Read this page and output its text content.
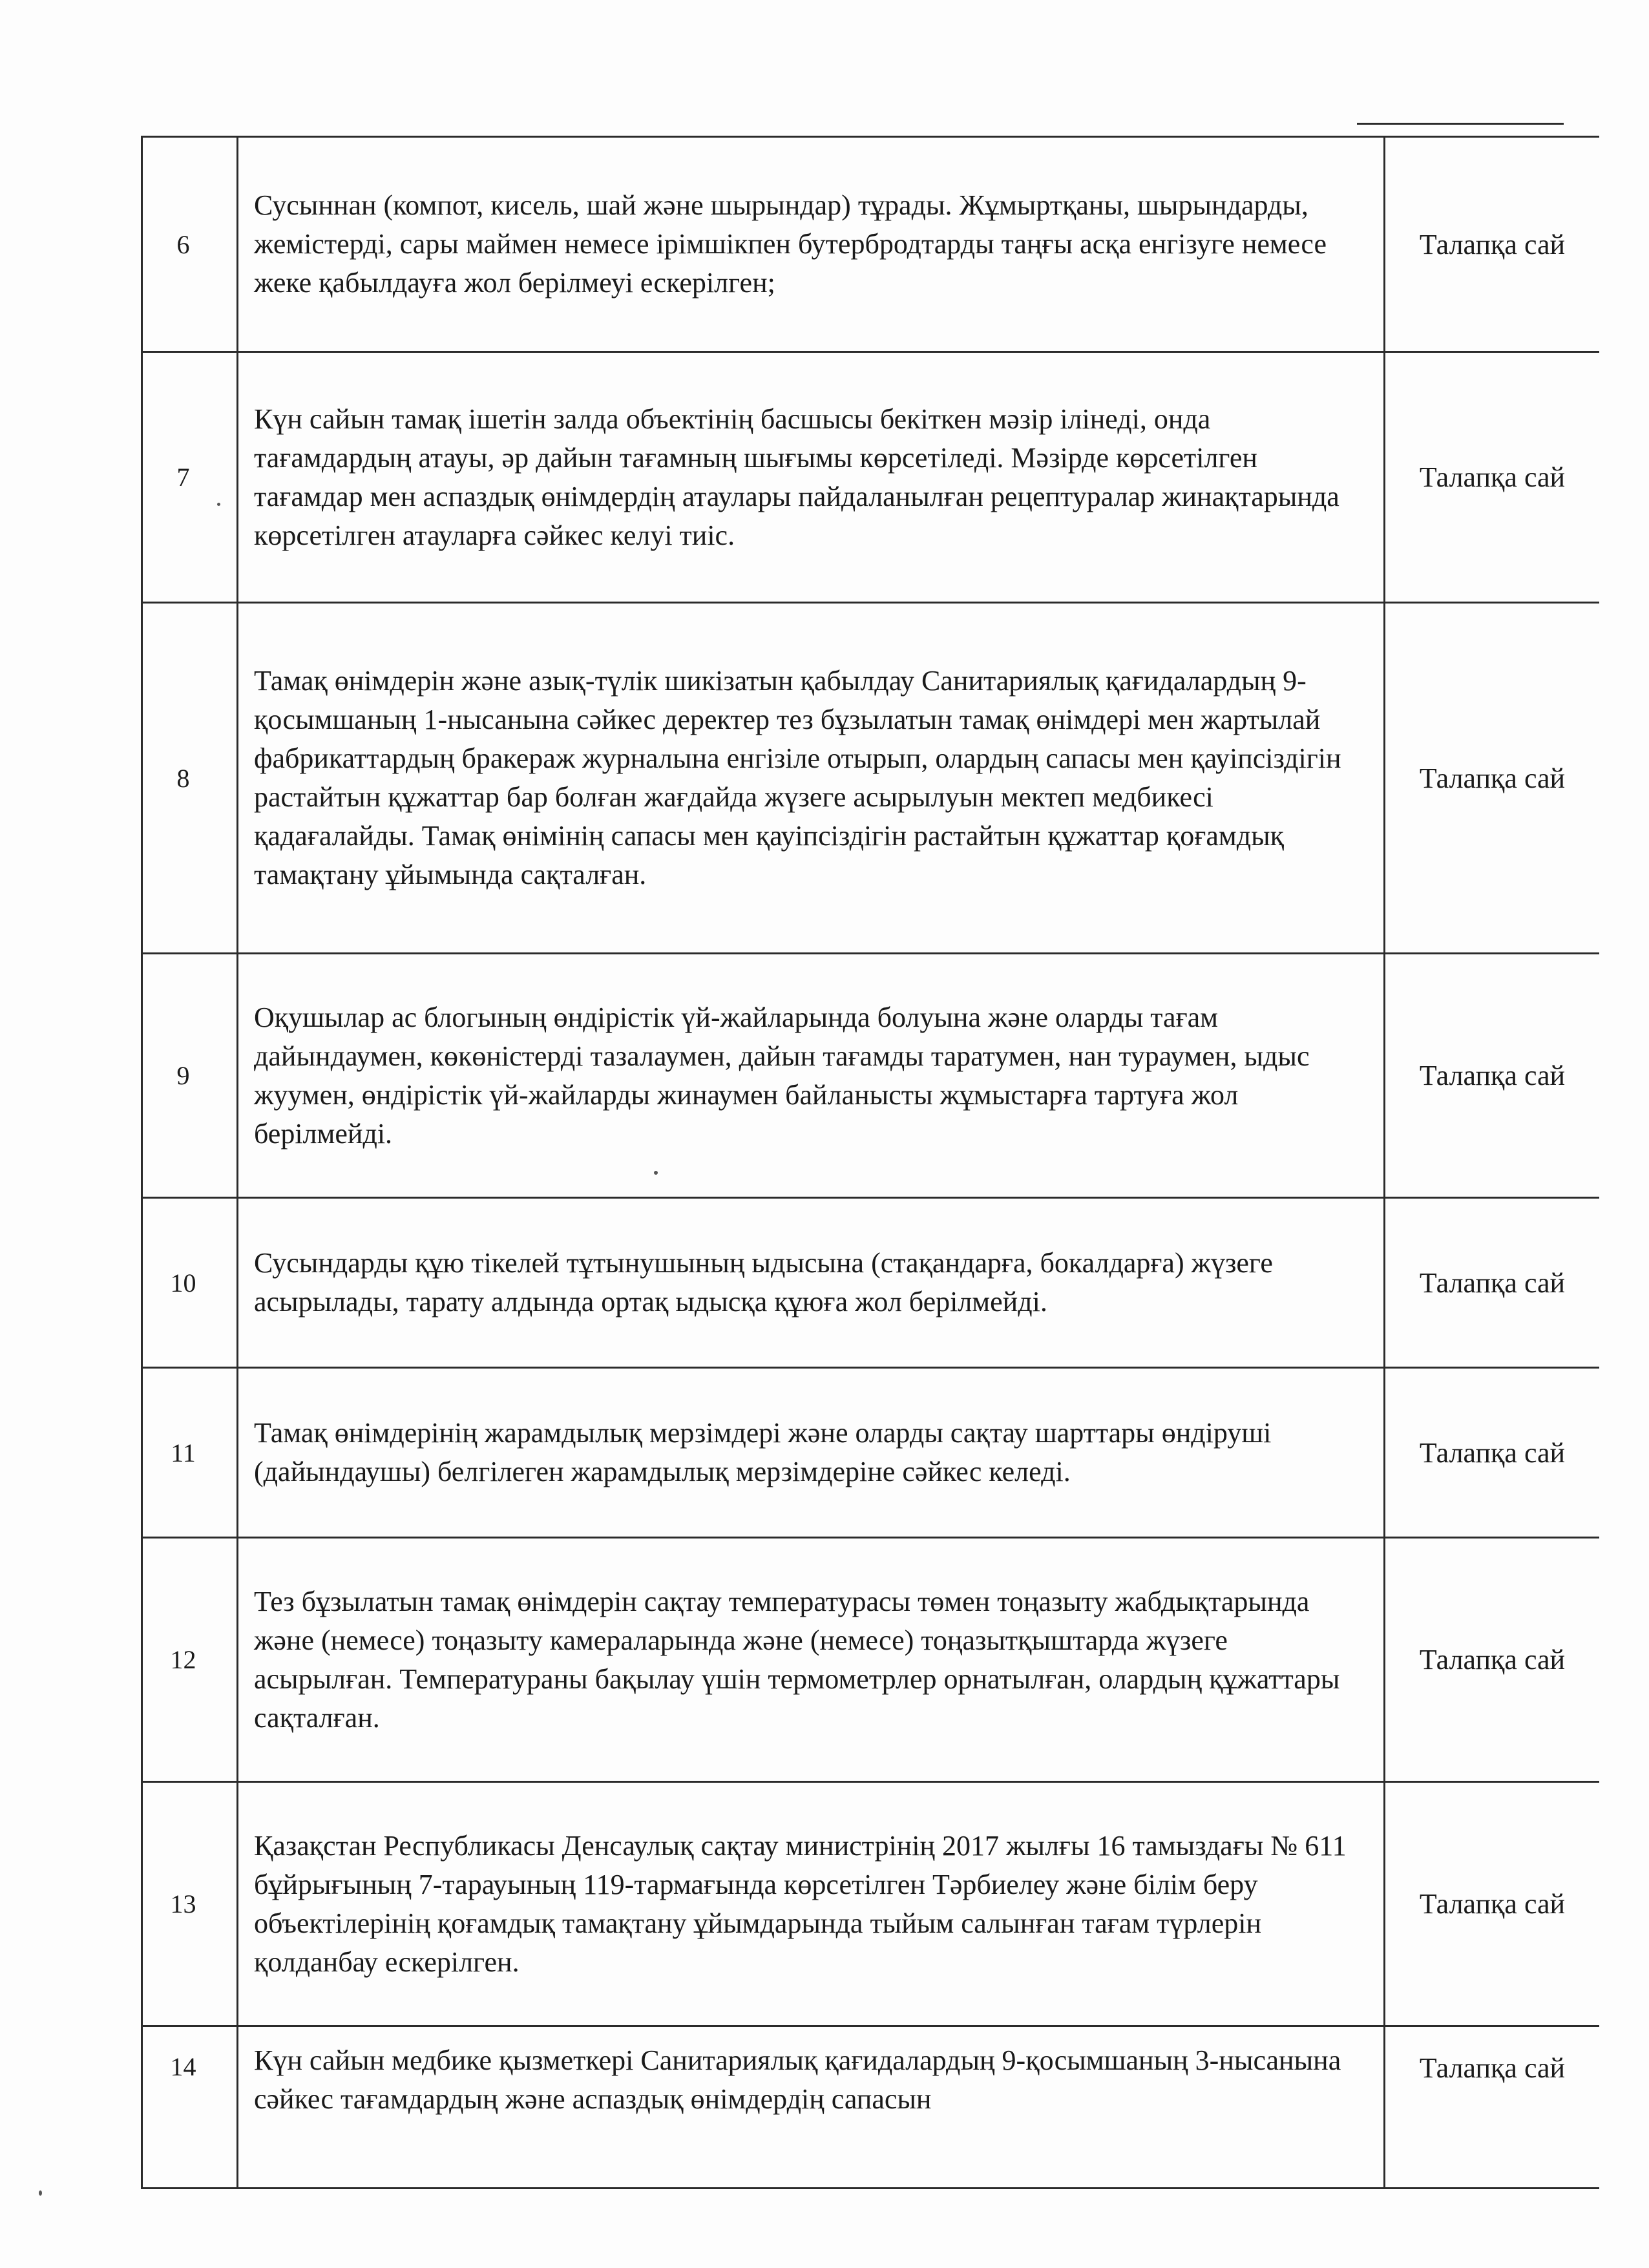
6	Сусыннан (компот, кисель, шай және шырындар) тұрады. Жұмыртқаны, шырындарды, жемістерді, сары маймен немесе ірімшікпен бутербродтарды таңғы асқа енгізуге немесе жеке қабылдауға жол берілмеуі ескерілген;	Талапқа сай
7	Күн сайын тамақ ішетін залда объектінің басшысы бекіткен мәзір ілінеді, онда тағамдардың атауы, әр дайын тағамның шығымы көрсетіледі. Мәзірде көрсетілген тағамдар мен аспаздық өнімдердің атаулары пайдаланылған рецептуралар жинақтарында көрсетілген атауларға сәйкес келуі тиіс.	Талапқа сай
8	Тамақ өнімдерін және азық-түлік шикізатын қабылдау Санитариялық қағидалардың 9-қосымшаның 1-нысанына сәйкес деректер тез бұзылатын тамақ өнімдері мен жартылай фабрикаттардың бракераж журналына енгізіле отырып, олардың сапасы мен қауіпсіздігін растайтын құжаттар бар болған жағдайда жүзеге асырылуын мектеп медбикесі қадағалайды. Тамақ өнімінің сапасы мен қауіпсіздігін растайтын құжаттар қоғамдық тамақтану ұйымында сақталған.	Талапқа сай
9	Оқушылар ас блогының өндірістік үй-жайларында болуына және оларды тағам дайындаумен, көкөністерді тазалаумен, дайын тағамды таратумен, нан тураумен, ыдыс жуумен, өндірістік үй-жайларды жинаумен байланысты жұмыстарға тартуға жол берілмейді.	Талапқа сай
10	Сусындарды құю тікелей тұтынушының ыдысына (стақандарға, бокалдарға) жүзеге асырылады, тарату алдында ортақ ыдысқа құюға жол берілмейді.	Талапқа сай
11	Тамақ өнімдерінің жарамдылық мерзімдері және оларды сақтау шарттары өндіруші (дайындаушы) белгілеген жарамдылық мерзімдеріне сәйкес келеді.	Талапқа сай
12	Тез бұзылатын тамақ өнімдерін сақтау температурасы төмен тоңазыту жабдықтарында және (немесе) тоңазыту камераларында және (немесе) тоңазытқыштарда жүзеге асырылған. Температураны бақылау үшін термометрлер орнатылған, олардың құжаттары сақталған.	Талапқа сай
13	Қазақстан Республикасы Денсаулық сақтау министрінің 2017 жылғы 16 тамыздағы № 611 бұйрығының 7-тарауының 119-тармағында көрсетілген Тәрбиелеу және білім беру объектілерінің қоғамдық тамақтану ұйымдарында тыйым салынған тағам түрлерін қолданбау ескерілген.	Талапқа сай
14	Күн сайын медбике қызметкері Санитариялық қағидалардың 9-қосымшаның 3-нысанына сәйкес тағамдардың және аспаздық өнімдердің сапасын	Талапқа сай
